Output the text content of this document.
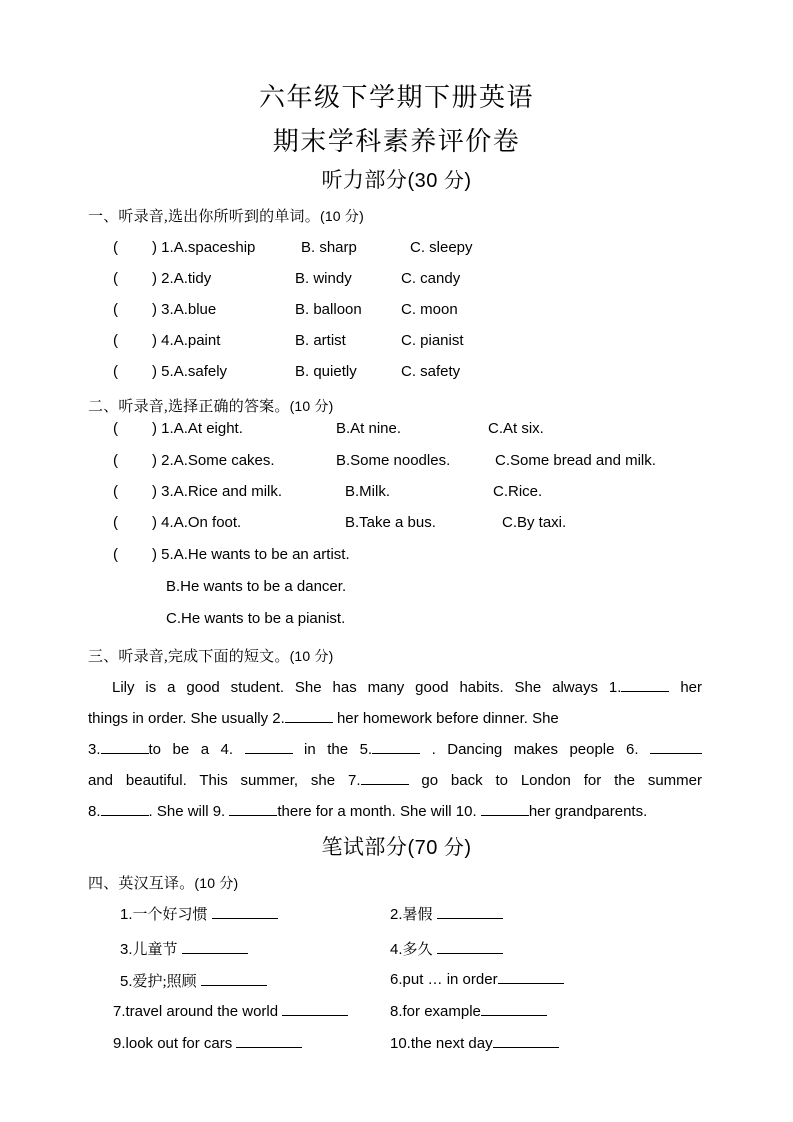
六年级下学期下册英语
期末学科素养评价卷
听力部分(30 分)
一、听录音,选出你所听到的单词。(10 分)
( ) 1.A.spaceship	B. sharp	C. sleepy
( ) 2.A.tidy	B. windy	C. candy
( ) 3.A.blue	B. balloon	C. moon
( ) 4.A.paint	B. artist	C. pianist
( ) 5.A.safely	B. quietly	C. safety
二、听录音,选择正确的答案。(10 分)
( ) 1.A.At eight.	B.At nine.	C.At six.
( ) 2.A.Some cakes.	B.Some noodles.	C.Some bread and milk.
( ) 3.A.Rice and milk.	B.Milk.	C.Rice.
( ) 4.A.On foot.	B.Take a bus.	C.By taxi.
( ) 5.A.He wants to be an artist.
B.He wants to be a dancer.
C.He wants to be a pianist.
三、听录音,完成下面的短文。(10 分)
Lily is a good student. She has many good habits. She always 1.	her
things in order. She usually 2.	her homework before dinner. She
3.	to be a 4.	in the 5.	. Dancing makes people 6.
and beautiful. This summer, she 7.	go back to London for the summer
8.	. She will 9.	there for a month. She will 10.	her grandparents.
笔试部分(70 分)
四、英汉互译。(10 分)
1.一个好习惯	2.暑假
3.儿童节	4.多久
5.爱护;照顾	6.put … in order
7.travel around the world	8.for example
9.look out for cars	10.the next day
